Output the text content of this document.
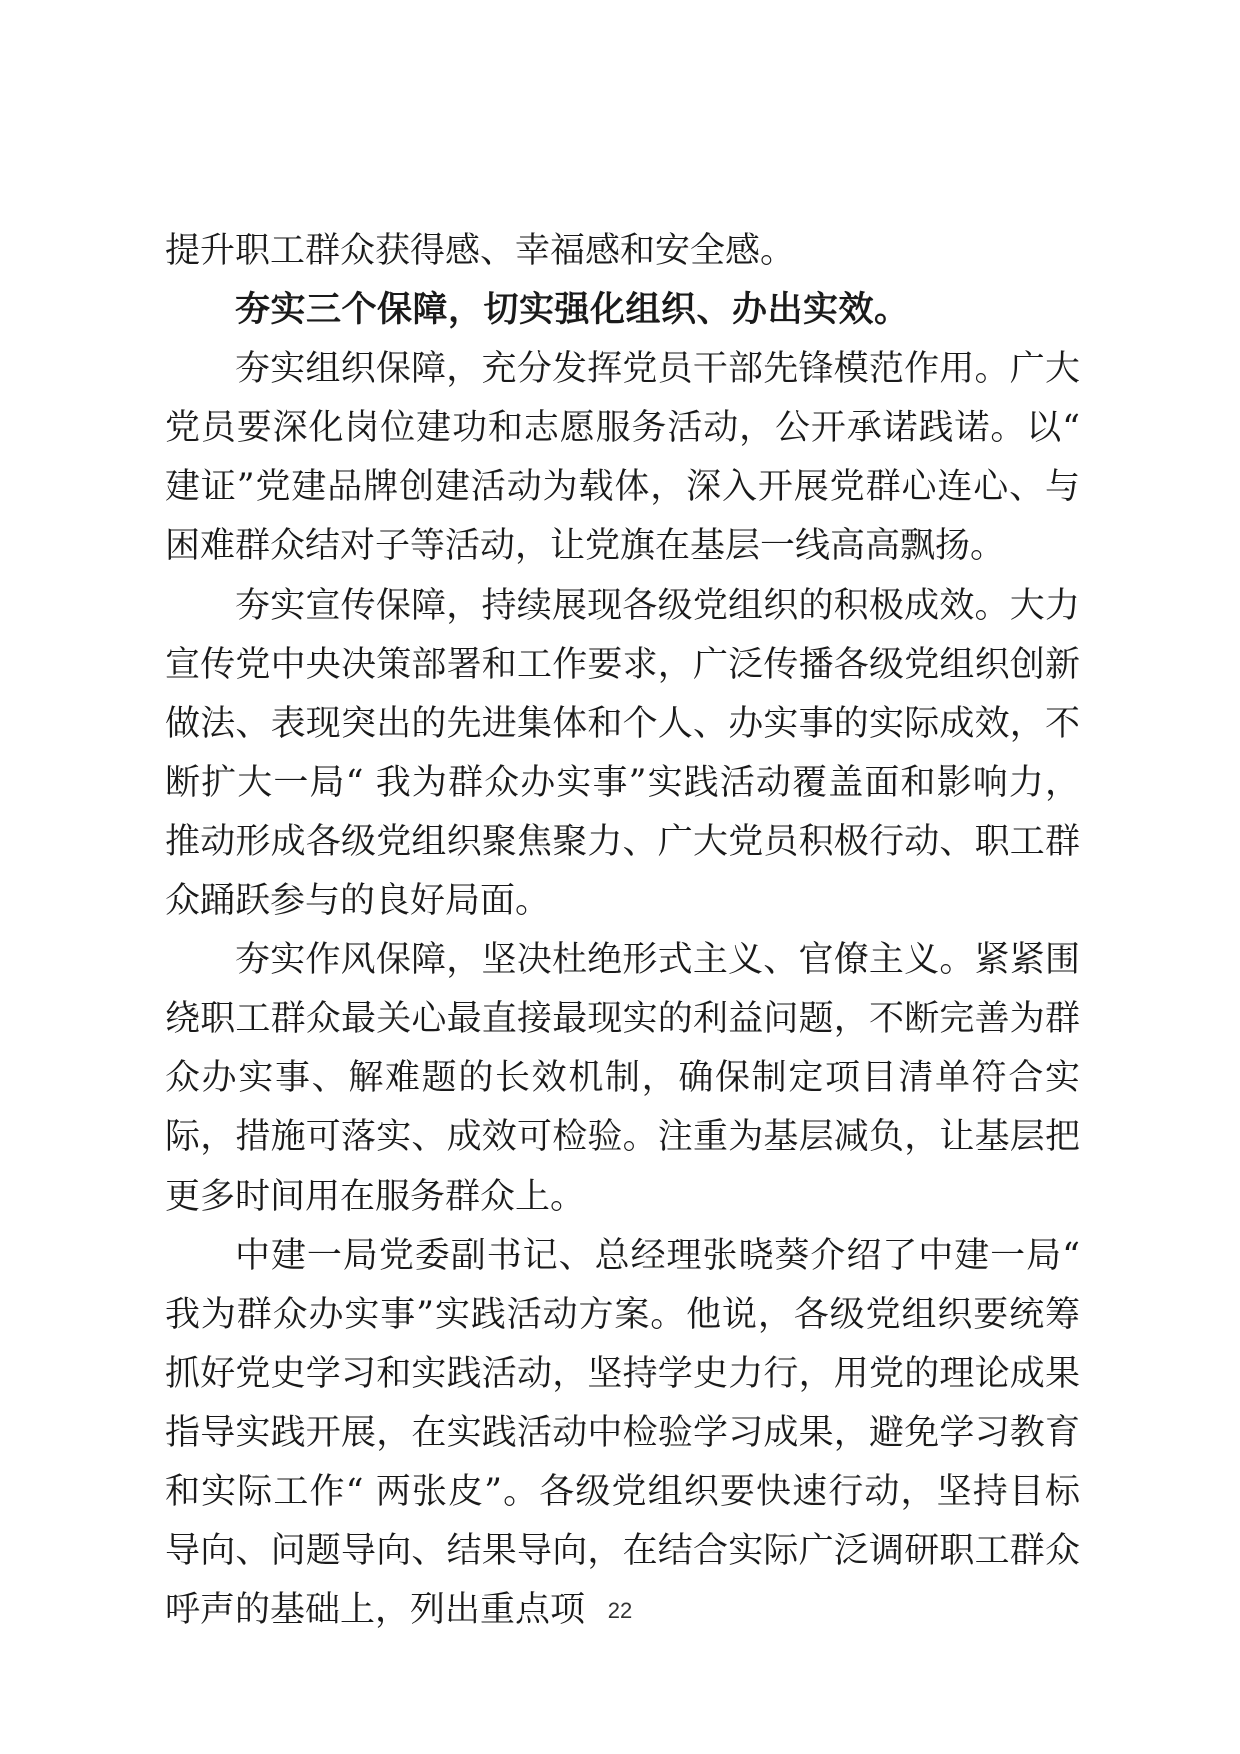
提升职工群众获得感、幸福感和安全感。

夯实三个保障，切实强化组织、办出实效。

夯实组织保障，充分发挥党员干部先锋模范作用。广大党员要深化岗位建功和志愿服务活动，公开承诺践诺。以“ 建证”党建品牌创建活动为载体，深入开展党群心连心、与困难群众结对子等活动，让党旗在基层一线高高飘扬。

夯实宣传保障，持续展现各级党组织的积极成效。大力宣传党中央决策部署和工作要求，广泛传播各级党组织创新做法、表现突出的先进集体和个人、办实事的实际成效，不断扩大一局“ 我为群众办实事”实践活动覆盖面和影响力，推动形成各级党组织聚焦聚力、广大党员积极行动、职工群众踊跃参与的良好局面。

夯实作风保障，坚决杜绝形式主义、官僚主义。紧紧围绕职工群众最关心最直接最现实的利益问题，不断完善为群众办实事、解难题的长效机制，确保制定项目清单符合实际，措施可落实、成效可检验。注重为基层减负，让基层把更多时间用在服务群众上。

中建一局党委副书记、总经理张晓葵介绍了中建一局“ 我为群众办实事”实践活动方案。他说，各级党组织要统筹抓好党史学习和实践活动，坚持学史力行，用党的理论成果指导实践开展，在实践活动中检验学习成果，避免学习教育和实际工作“ 两张皮”。各级党组织要快速行动，坚持目标导向、问题导向、结果导向，在结合实际广泛调研职工群众呼声的基础上，列出重点项	22
